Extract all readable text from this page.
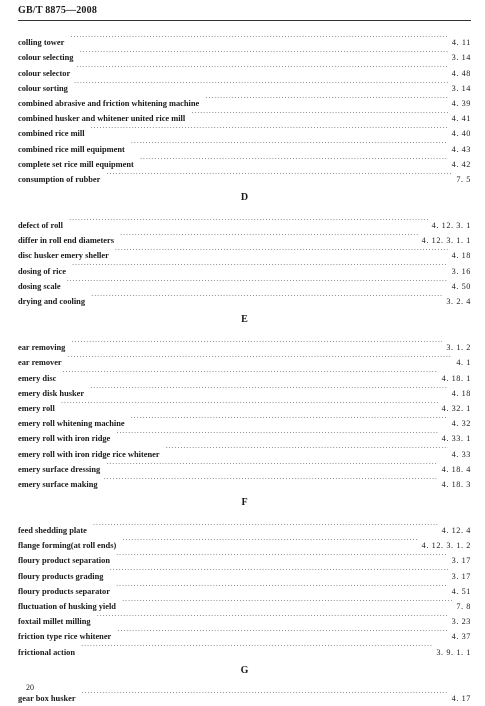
GB/T 8875—2008
colling tower ·····	4. 11
colour selecting ·····	3. 14
colour selector ·····	4. 48
colour sorting ·····	3. 14
combined abrasive and friction whitening machine ·····	4. 39
combined husker and whitener united rice mill ·····	4. 41
combined rice mill ·····	4. 40
combined rice mill equipment ·····	4. 43
complete set rice mill equipment ·····	4. 42
consumption of rubber ·····	7. 5
D
defect of roll ·····	4. 12. 3. 1
differ in roll end diameters ·····	4. 12. 3. 1. 1
disc husker emery sheller ·····	4. 18
dosing of rice ·····	3. 16
dosing scale ·····	4. 50
drying and cooling ·····	3. 2. 4
E
ear removing ·····	3. 1. 2
ear remover ·····	4. 1
emery disc ·····	4. 18. 1
emery disk husker ·····	4. 18
emery roll ·····	4. 32. 1
emery roll whitening machine ·····	4. 32
emery roll with iron ridge ·····	4. 33. 1
emery roll with iron ridge rice whitener ·····	4. 33
emery surface dressing ·····	4. 18. 4
emery surface making ·····	4. 18. 3
F
feed shedding plate ·····	4. 12. 4
flange forming(at roll ends) ·····	4. 12. 3. 1. 2
floury product separation ·····	3. 17
floury products grading ·····	3. 17
floury products separator ·····	4. 51
fluctuation of husking yield ·····	7. 8
foxtail millet milling ·····	3. 23
friction type rice whitener ·····	4. 37
frictional action ·····	3. 9. 1. 1
G
gear box husker ·····	4. 17
20
